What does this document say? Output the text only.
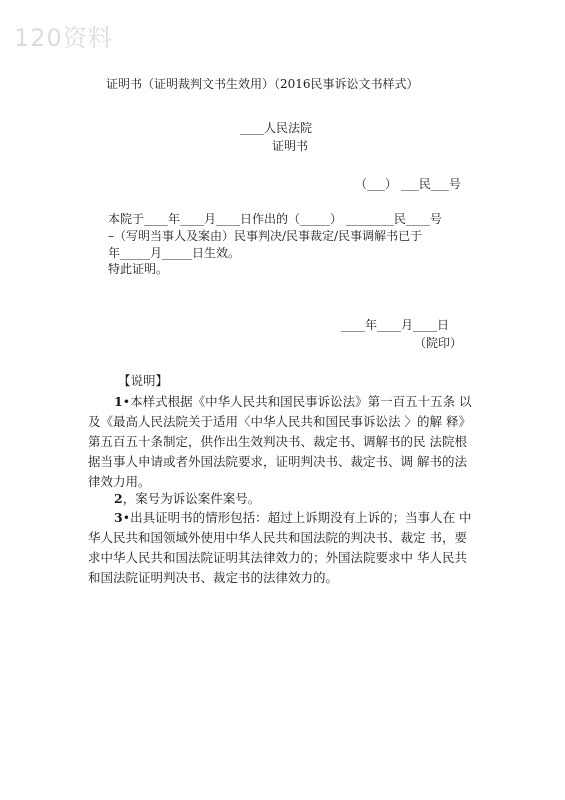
120资料
证明书（证明裁判文书生效用）（2016民事诉讼文书样式）
____人民法院
证明书
（___） ___民___号
本院于____年____月____日作出的（_____） ________民____号
–（写明当事人及案由）民事判决/民事裁定/民事调解书已于
年_____月_____日生效。
特此证明。
____年____月____日
（院印）
【说明】
1•本样式根据《中华人民共和国民事诉讼法》第一百五十五条 以
及《最高人民法院关于适用〈中华人民共和国民事诉讼法 〉的解 释》
第五百五十条制定，供作出生效判决书、裁定书、调解书的民 法院根
据当事人申请或者外国法院要求，证明判决书、裁定书、调 解书的法
律效力用。
2，案号为诉讼案件案号。
3•出具证明书的情形包括：超过上诉期没有上诉的；当事人在 中
华人民共和国领域外使用中华人民共和国法院的判决书、裁定 书，要
求中华人民共和国法院证明其法律效力的；外国法院要求中 华人民共
和国法院证明判决书、裁定书的法律效力的。
